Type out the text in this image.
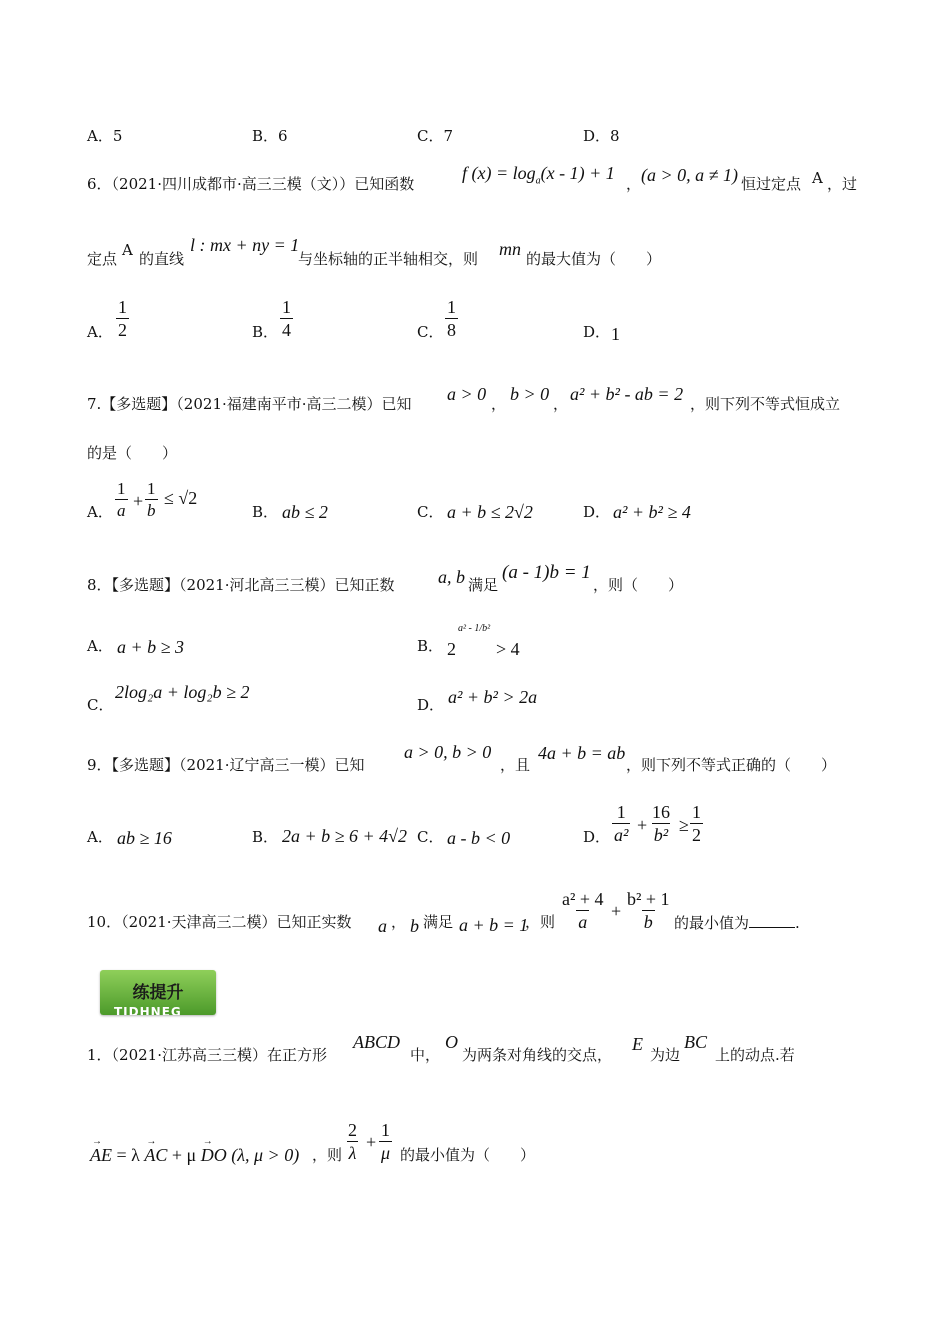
A．5	B．6	C．7	D．8
6．（2021·四川成都市·高三三模（文））已知函数
f $(x) = \log_a(x - 1) + 1$
， (a > 0, a ≠ 1) 恒过定点 A ，过
定点 A 的直线
l : mx + ny = 1
与坐标轴的正半轴相交，则 mn 的最大值为（　　）
A． $\frac{1}{2}$	B． $\frac{1}{4}$	C． $\frac{1}{8}$	D． 1
7.【多选题】（2021·福建南平市·高三二模）已知 a > 0 ， b > 0 ， a² + b² - ab = 2 ，则下列不等式恒成立
的是（　　）
A． $\frac{1}{a} + \frac{1}{b} \le √2$
B． ab ≤ 2	C． a + b ≤ 2√2	D． a² + b² ≥ 4
8．【多选题】（2021·河北高三三模）已知正数 a, b 满足
(a - 1)b = 1
，则（　　）
A． a + b ≥ 3	B． 2
a² - 1/b²
> 4
C．
2log₂a + log₂b ≥ 2
D． a² + b² > 2a
9．【多选题】（2021·辽宁高三一模）已知
a > 0, b > 0
，且
4a + b = ab
，则下列不等式正确的（　　）
A． ab ≥ 16	B． 2a + b ≥ 6 + 4√2 C． a - b < 0	D． $\frac{1}{\text{a²}} + \frac{16}{\text{b²}} \ge \frac{1}{2}$
10．（2021·天津高三二模）已知正实数 a ， b 满足 a + b = 1
，则 $\frac{\text{a² + 4}}{a} + \frac{\text{b² + 1}}{b}$ 的最小值为	.
练提升
TIDHNEG
1．（2021·江苏高三三模）在正方形
ABCD
中，
O
为两条对角线的交点，
E
为边
BC
上的动点.若
→ AE = λ → AC + μ → DO (λ, μ > 0) ，则 $\frac{2}{\lambda} + \frac{1}{\mu}$ 的最小值为（　　）
